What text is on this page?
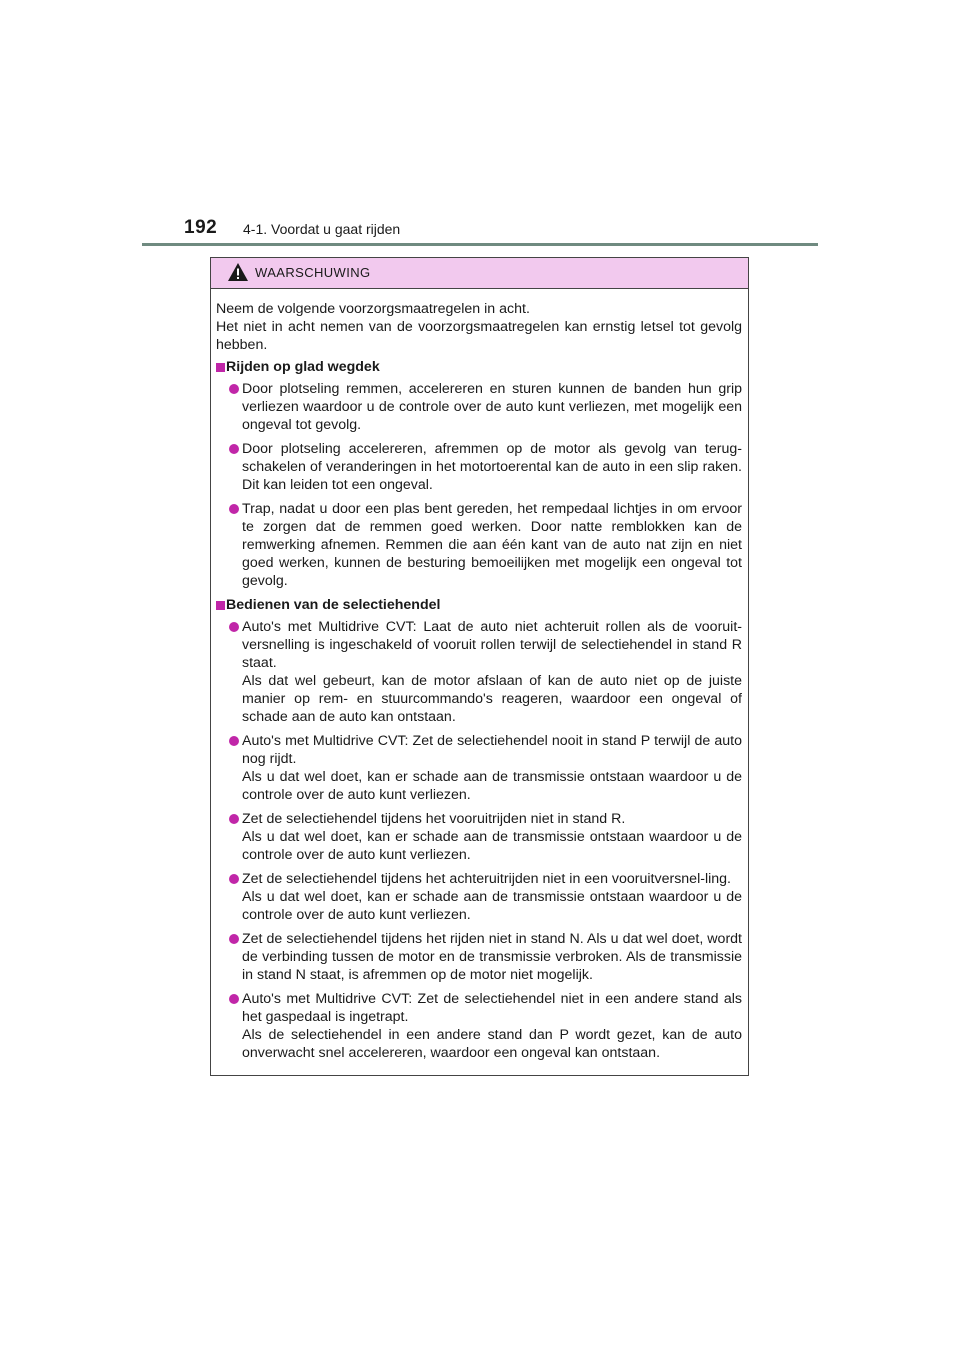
192 4-1. Voordat u gaat rijden
WAARSCHUWING
Neem de volgende voorzorgsmaatregelen in acht.
Het niet in acht nemen van de voorzorgsmaatregelen kan ernstig letsel tot gevolg hebben.
Rijden op glad wegdek

Door plotseling remmen, accelereren en sturen kunnen de banden hun grip verliezen waardoor u de controle over de auto kunt verliezen, met mogelijk een ongeval tot gevolg.

Door plotseling accelereren, afremmen op de motor als gevolg van terug-schakelen of veranderingen in het motortoerental kan de auto in een slip raken. Dit kan leiden tot een ongeval.

Trap, nadat u door een plas bent gereden, het rempedaal lichtjes in om ervoor te zorgen dat de remmen goed werken. Door natte remblokken kan de remwerking afnemen. Remmen die aan één kant van de auto nat zijn en niet goed werken, kunnen de besturing bemoeilijken met mogelijk een ongeval tot gevolg.

Bedienen van de selectiehendel

Auto's met Multidrive CVT: Laat de auto niet achteruit rollen als de vooruit-versnelling is ingeschakeld of vooruit rollen terwijl de selectiehendel in stand R staat.

Als dat wel gebeurt, kan de motor afslaan of kan de auto niet op de juiste manier op rem- en stuurcommando's reageren, waardoor een ongeval of schade aan de auto kan ontstaan.

Auto's met Multidrive CVT: Zet de selectiehendel nooit in stand P terwijl de auto nog rijdt.

Als u dat wel doet, kan er schade aan de transmissie ontstaan waardoor u de controle over de auto kunt verliezen.

Zet de selectiehendel tijdens het vooruitrijden niet in stand R.

Als u dat wel doet, kan er schade aan de transmissie ontstaan waardoor u de controle over de auto kunt verliezen.

Zet de selectiehendel tijdens het achteruitrijden niet in een vooruitversnel-ling.

Als u dat wel doet, kan er schade aan de transmissie ontstaan waardoor u de controle over de auto kunt verliezen.

Zet de selectiehendel tijdens het rijden niet in stand N. Als u dat wel doet, wordt de verbinding tussen de motor en de transmissie verbroken. Als de transmissie in stand N staat, is afremmen op de motor niet mogelijk.

Auto's met Multidrive CVT: Zet de selectiehendel niet in een andere stand als het gaspedaal is ingetrapt.

Als de selectiehendel in een andere stand dan P wordt gezet, kan de auto onverwacht snel accelereren, waardoor een ongeval kan ontstaan.
